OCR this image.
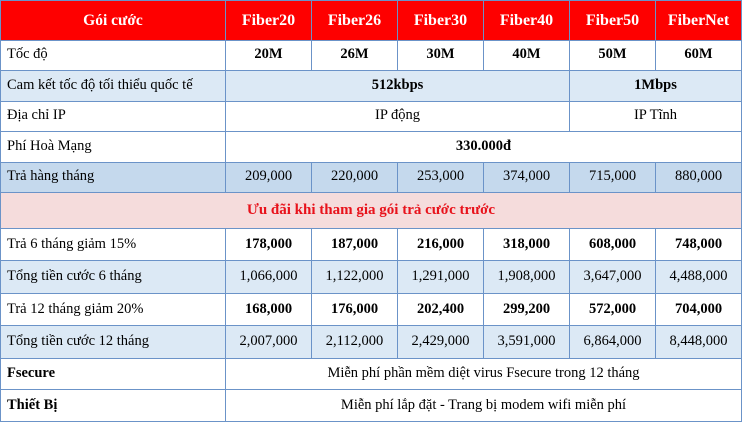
Gói cước	Fiber20	Fiber26	Fiber30	Fiber40	Fiber50	FiberNet
Tốc độ	20M	26M	30M	40M	50M	60M
Cam kết tốc độ tối thiểu quốc tế	512kbps				1Mbps	
Địa chỉ IP	IP động				IP Tĩnh	
Phí Hoà Mạng	330.000đ					
Trả hàng tháng	209,000	220,000	253,000	374,000	715,000	880,000
Ưu đãi khi tham gia gói trả cước trước						
Trả 6 tháng giảm 15%	178,000	187,000	216,000	318,000	608,000	748,000
Tổng tiền cước 6 tháng	1,066,000	1,122,000	1,291,000	1,908,000	3,647,000	4,488,000
Trả 12 tháng giảm 20%	168,000	176,000	202,400	299,200	572,000	704,000
Tổng tiền cước 12 tháng	2,007,000	2,112,000	2,429,000	3,591,000	6,864,000	8,448,000
Fsecure	Miễn phí phần mềm diệt virus Fsecure trong 12 tháng					
Thiết Bị	Miễn phí lắp đặt - Trang bị modem wifi miễn phí					
